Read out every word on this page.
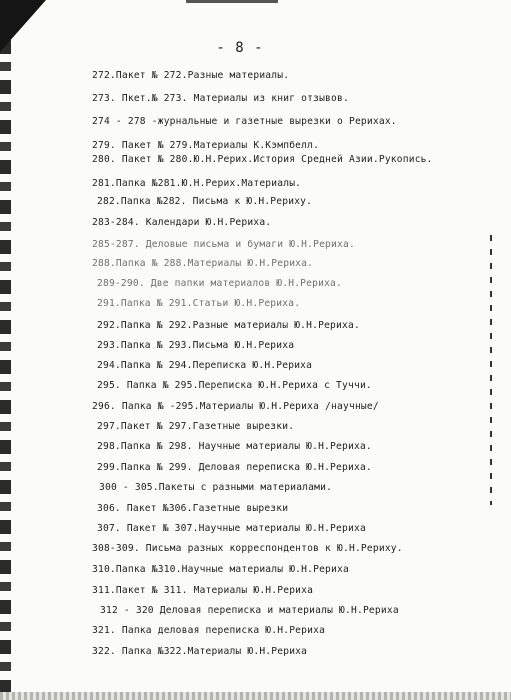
- 8 -
272.Пакет № 272.Разные материалы.
273. Пкет.№ 273. Материалы из книг отзывов.
274 - 278 -журнальные и газетные вырезки о Рерихах.
279. Пакет № 279.Материалы К.Кэмпбелл.
280. Пакет № 280.Ю.Н.Рерих.История Средней Азии.Рукопись.
281.Папка №281.Ю.Н.Рерих.Материалы.
282.Папка №282. Письма к Ю.Н.Рериху.
283-284. Календари Ю.Н.Рериха.
285-287. Деловые письма и бумаги Ю.Н.Рериха.
288.Папка № 288.Материалы Ю.Н.Рериха.
289-290. Две папки материалов Ю.Н.Рериха.
291.Папка № 291.Статьи Ю.Н.Рериха.
292.Папка № 292.Разные материалы Ю.Н.Рериха.
293.Папка № 293.Письма Ю.Н.Рериха
294.Папка № 294.Переписка Ю.Н.Рериха
295. Папка № 295.Переписка Ю.Н.Рериха с Туччи.
296. Папка № -295.Материалы Ю.Н.Рериха /научные/
297.Пакет № 297.Газетные вырезки.
298.Папка № 298. Научные материалы Ю.Н.Рериха.
299.Папка № 299. Деловая переписка Ю.Н.Рериха.
300 - 305.Пакеты с разными материалами.
306. Пакет №306.Газетные вырезки
307. Пакет № 307.Научные материалы Ю.Н.Рериха
308-309. Письма разных корреспондентов к Ю.Н.Рериху.
310.Папка №310.Научные материалы Ю.Н.Рериха
311.Пакет № 311. Материалы Ю.Н.Рериха
312 - 320 Деловая переписка и материалы Ю.Н.Рериха
321. Папка деловая переписка Ю.Н.Рериха
322. Папка №322.Материалы Ю.Н.Рериха
